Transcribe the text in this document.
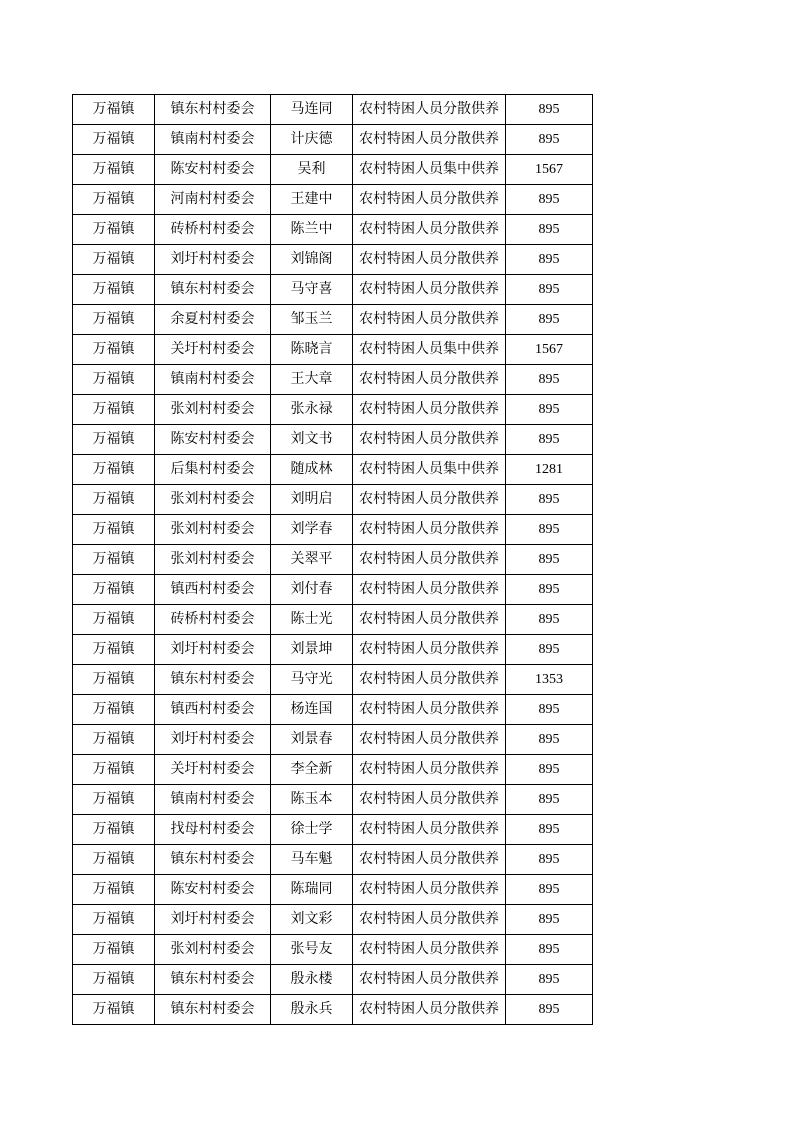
万福镇	镇东村村委会	马连同	农村特困人员分散供养	895
万福镇	镇南村村委会	计庆德	农村特困人员分散供养	895
万福镇	陈安村村委会	吴利	农村特困人员集中供养	1567
万福镇	河南村村委会	王建中	农村特困人员分散供养	895
万福镇	砖桥村村委会	陈兰中	农村特困人员分散供养	895
万福镇	刘圩村村委会	刘锦阁	农村特困人员分散供养	895
万福镇	镇东村村委会	马守喜	农村特困人员分散供养	895
万福镇	余夏村村委会	邹玉兰	农村特困人员分散供养	895
万福镇	关圩村村委会	陈晓言	农村特困人员集中供养	1567
万福镇	镇南村村委会	王大章	农村特困人员分散供养	895
万福镇	张刘村村委会	张永禄	农村特困人员分散供养	895
万福镇	陈安村村委会	刘文书	农村特困人员分散供养	895
万福镇	后集村村委会	随成林	农村特困人员集中供养	1281
万福镇	张刘村村委会	刘明启	农村特困人员分散供养	895
万福镇	张刘村村委会	刘学春	农村特困人员分散供养	895
万福镇	张刘村村委会	关翠平	农村特困人员分散供养	895
万福镇	镇西村村委会	刘付春	农村特困人员分散供养	895
万福镇	砖桥村村委会	陈士光	农村特困人员分散供养	895
万福镇	刘圩村村委会	刘景坤	农村特困人员分散供养	895
万福镇	镇东村村委会	马守光	农村特困人员分散供养	1353
万福镇	镇西村村委会	杨连国	农村特困人员分散供养	895
万福镇	刘圩村村委会	刘景春	农村特困人员分散供养	895
万福镇	关圩村村委会	李全新	农村特困人员分散供养	895
万福镇	镇南村村委会	陈玉本	农村特困人员分散供养	895
万福镇	找母村村委会	徐士学	农村特困人员分散供养	895
万福镇	镇东村村委会	马车魁	农村特困人员分散供养	895
万福镇	陈安村村委会	陈瑞同	农村特困人员分散供养	895
万福镇	刘圩村村委会	刘文彩	农村特困人员分散供养	895
万福镇	张刘村村委会	张号友	农村特困人员分散供养	895
万福镇	镇东村村委会	殷永楼	农村特困人员分散供养	895
万福镇	镇东村村委会	殷永兵	农村特困人员分散供养	895
